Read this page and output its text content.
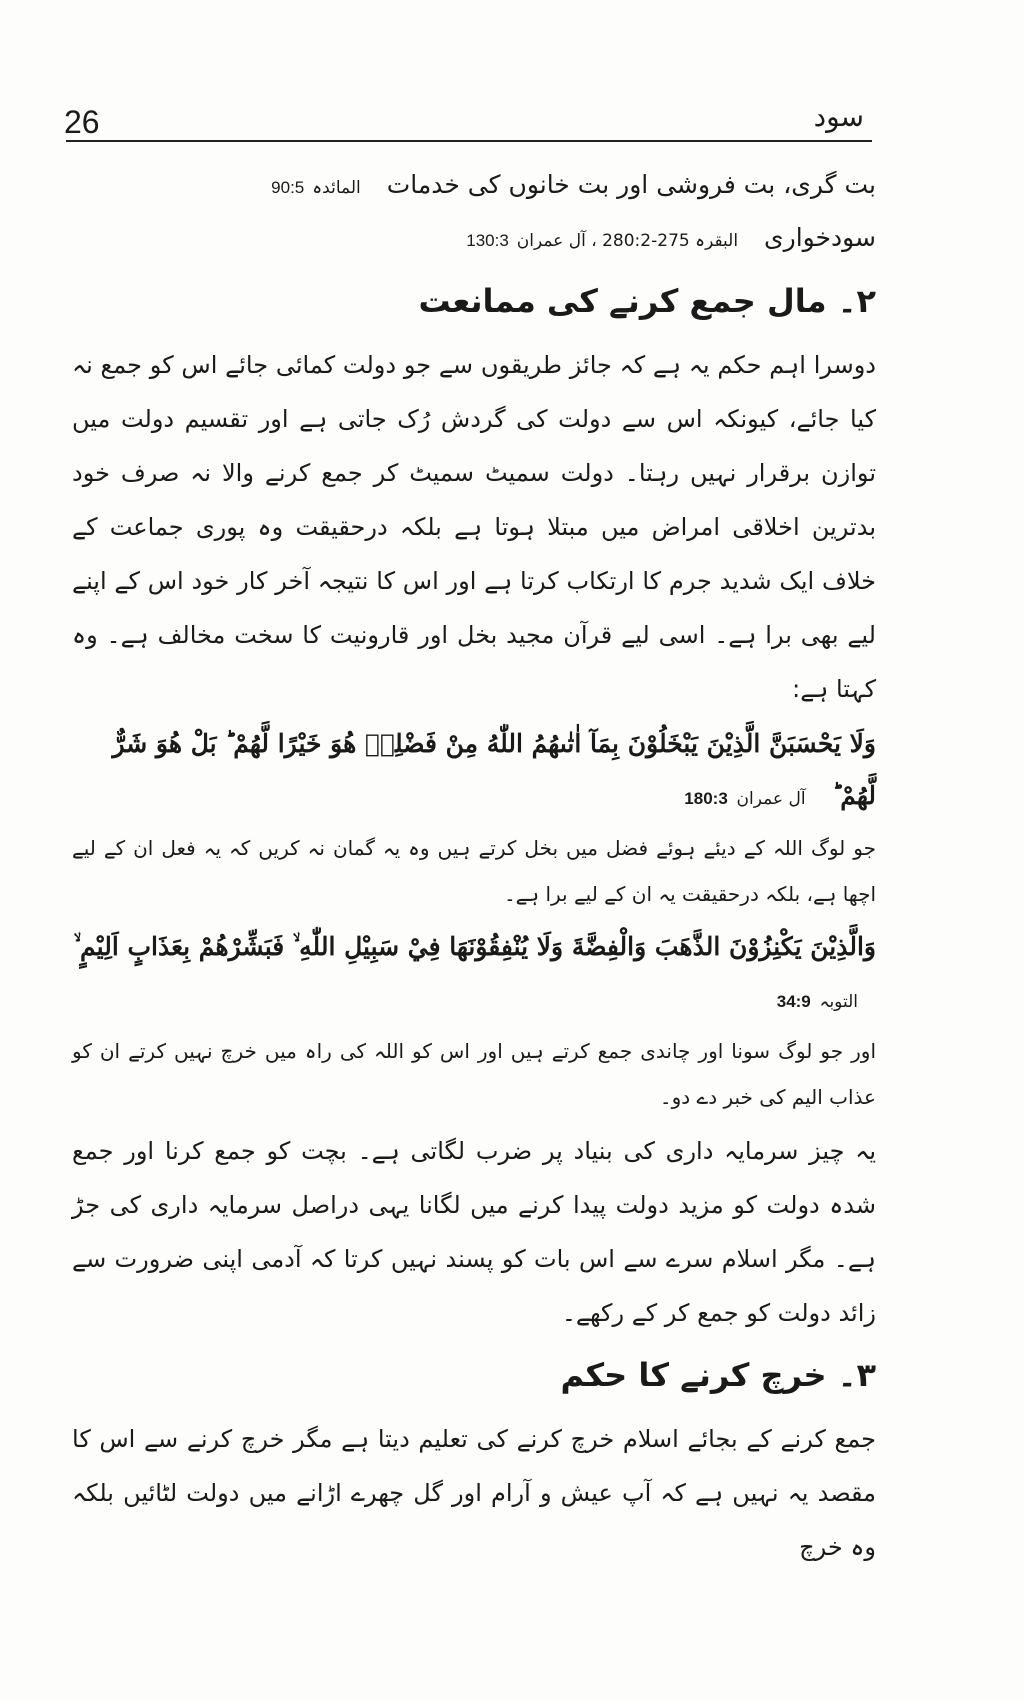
26	سود

بت گری، بت فروشی اور بت خانوں کی خدمات المائدہ 90:5

سودخواری البقرہ 275-280:2 ، آل عمران 130:3

۲۔ مال جمع کرنے کی ممانعت

دوسرا اہم حکم یہ ہے کہ جائز طریقوں سے جو دولت کمائی جائے اس کو جمع نہ کیا جائے، کیونکہ اس سے دولت کی گردش رُک جاتی ہے اور تقسیم دولت میں توازن برقرار نہیں رہتا۔ دولت سمیٹ سمیٹ کر جمع کرنے والا نہ صرف خود بدترین اخلاقی امراض میں مبتلا ہوتا ہے بلکہ درحقیقت وہ پوری جماعت کے خلاف ایک شدید جرم کا ارتکاب کرتا ہے اور اس کا نتیجہ آخر کار خود اس کے اپنے لیے بھی برا ہے۔ اسی لیے قرآن مجید بخل اور قارونیت کا سخت مخالف ہے۔ وہ کہتا ہے:

وَلَا يَحْسَبَنَّ الَّذِيْنَ يَبْخَلُوْنَ بِمَآ اٰتٰىهُمُ اللّٰهُ مِنْ فَضْلِهٖ هُوَ خَيْرًا لَّهُمْ ؕ بَلْ هُوَ شَرٌّ لَّهُمْ ؕ آل عمران 180:3

جو لوگ اللہ کے دیئے ہوئے فضل میں بخل کرتے ہیں وہ یہ گمان نہ کریں کہ یہ فعل ان کے لیے اچھا ہے، بلکہ درحقیقت یہ ان کے لیے برا ہے۔

وَالَّذِيْنَ يَكْنِزُوْنَ الذَّهَبَ وَالْفِضَّةَ وَلَا يُنْفِقُوْنَهَا فِيْ سَبِيْلِ اللّٰهِ ۙ فَبَشِّرْهُمْ بِعَذَابٍ اَلِيْمٍ ۙ التوبہ 34:9

اور جو لوگ سونا اور چاندی جمع کرتے ہیں اور اس کو اللہ کی راہ میں خرچ نہیں کرتے ان کو عذاب الیم کی خبر دے دو۔

یہ چیز سرمایہ داری کی بنیاد پر ضرب لگاتی ہے۔ بچت کو جمع کرنا اور جمع شدہ دولت کو مزید دولت پیدا کرنے میں لگانا یہی دراصل سرمایہ داری کی جڑ ہے۔ مگر اسلام سرے سے اس بات کو پسند نہیں کرتا کہ آدمی اپنی ضرورت سے زائد دولت کو جمع کر کے رکھے۔

۳۔ خرچ کرنے کا حکم

جمع کرنے کے بجائے اسلام خرچ کرنے کی تعلیم دیتا ہے مگر خرچ کرنے سے اس کا مقصد یہ نہیں ہے کہ آپ عیش و آرام اور گل چھرے اڑانے میں دولت لٹائیں بلکہ وہ خرچ
